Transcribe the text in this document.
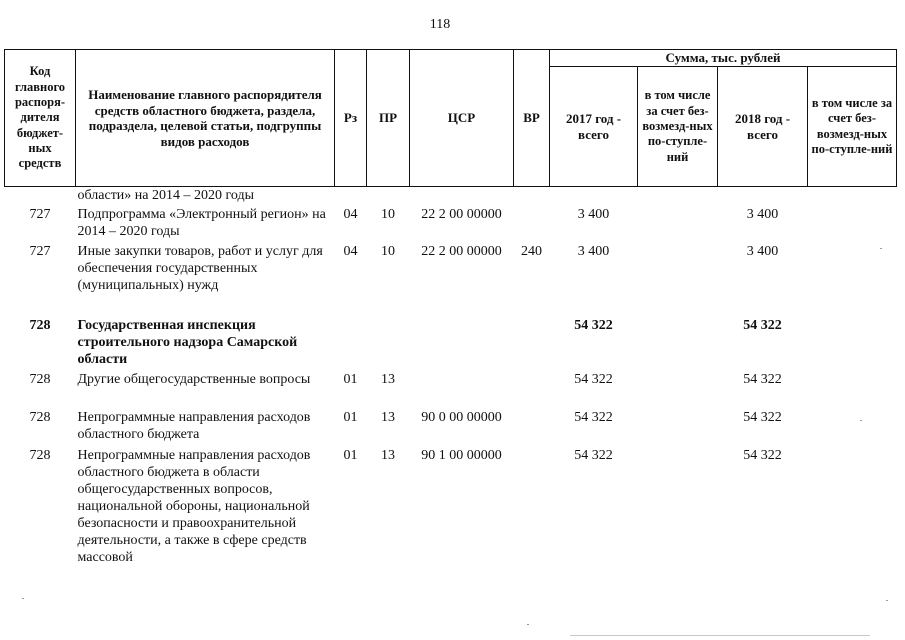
118
Код главного распоря-дителя бюджет-ных средств	Наименование главного распорядителя средств областного бюджета, раздела, подраздела, целевой статьи, подгруппы видов расходов	Рз	ПР	ЦСР	ВР	Сумма, тыс. рублей			
						2017 год - всего	в том числе за счет без-возмезд-ных по-ступле-ний	2018 год - всего	в том числе за счет без-возмезд-ных по-ступле-ний
	области» на 2014 – 2020 годы								
727	Подпрограмма «Электронный регион» на 2014 – 2020 годы	04	10	22 2 00 00000		3 400		3 400	
727	Иные закупки товаров, работ и услуг для обеспечения государственных (муниципальных) нужд	04	10	22 2 00 00000	240	3 400		3 400	
728	Государственная инспекция строительного надзора Самарской области					54 322		54 322	
728	Другие общегосударственные вопросы	01	13			54 322		54 322	
728	Непрограммные направления расходов областного бюджета	01	13	90 0 00 00000		54 322		54 322	
728	Непрограммные направления расходов областного бюджета в области общегосударственных вопросов, национальной обороны, национальной безопасности и правоохранительной деятельности, а также в сфере средств массовой	01	13	90 1 00 00000		54 322		54 322	
